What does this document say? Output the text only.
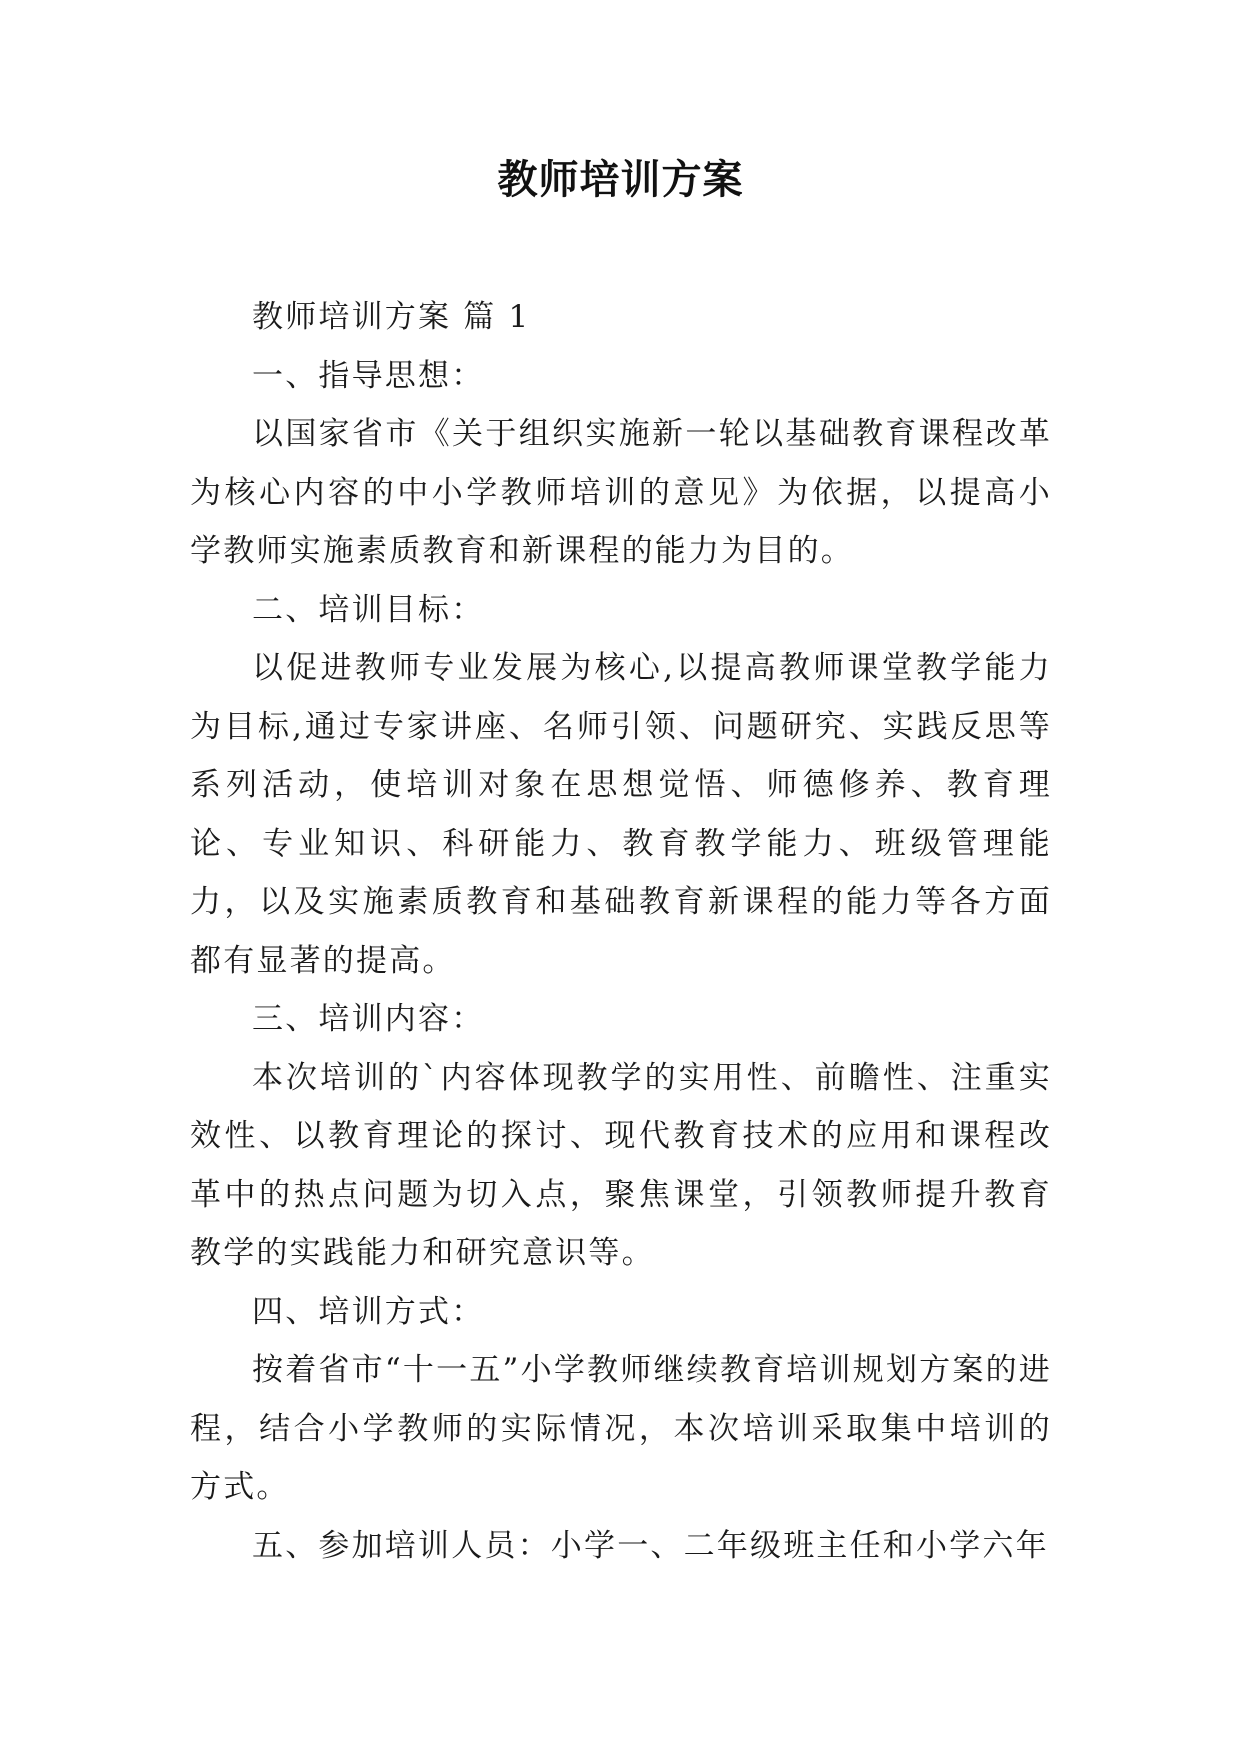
教师培训方案

教师培训方案 篇 1

一、指导思想：

以国家省市《关于组织实施新一轮以基础教育课程改革为核心内容的中小学教师培训的意见》为依据，以提高小学教师实施素质教育和新课程的能力为目的。

二、培训目标：

以促进教师专业发展为核心,以提高教师课堂教学能力为目标,通过专家讲座、名师引领、问题研究、实践反思等系列活动，使培训对象在思想觉悟、师德修养、教育理论、专业知识、科研能力、教育教学能力、班级管理能力，以及实施素质教育和基础教育新课程的能力等各方面都有显著的提高。

三、培训内容：

本次培训的`内容体现教学的实用性、前瞻性、注重实效性、以教育理论的探讨、现代教育技术的应用和课程改革中的热点问题为切入点，聚焦课堂，引领教师提升教育教学的实践能力和研究意识等。

四、培训方式：

按着省市“十一五”小学教师继续教育培训规划方案的进程，结合小学教师的实际情况，本次培训采取集中培训的方式。

五、参加培训人员：小学一、二年级班主任和小学六年
